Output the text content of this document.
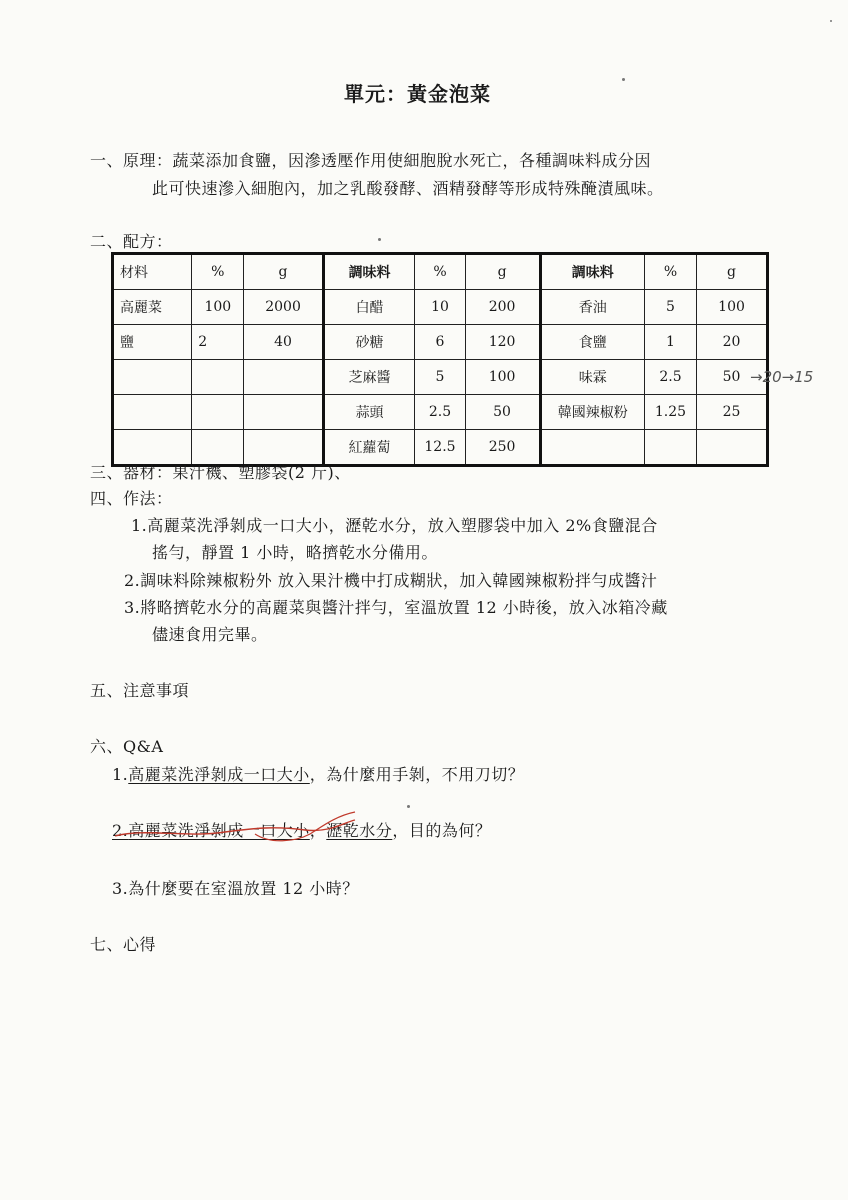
單元：黃金泡菜
一、原理：蔬菜添加食鹽，因滲透壓作用使細胞脫水死亡，各種調味料成分因
此可快速滲入細胞內，加之乳酸發酵、酒精發酵等形成特殊醃漬風味。
二、配方：
材料	%	g	調味料	%	g	調味料	%	g
高麗菜	100	2000	白醋	10	200	香油	5	100
鹽	2	40	砂糖	6	120	食鹽	1	20
			芝麻醬	5	100	味霖	2.5	50
			蒜頭	2.5	50	韓國辣椒粉	1.25	25
			紅蘿蔔	12.5	250			
→20→15
三、器材：果汁機、塑膠袋(2 斤)、
四、作法：
1.高麗菜洗淨剝成一口大小，瀝乾水分，放入塑膠袋中加入 2%食鹽混合
搖勻，靜置 1 小時，略擠乾水分備用。
2.調味料除辣椒粉外 放入果汁機中打成糊狀，加入韓國辣椒粉拌勻成醬汁
3.將略擠乾水分的高麗菜與醬汁拌勻，室溫放置 12 小時後，放入冰箱冷藏
儘速食用完畢。
五、注意事項
六、Q&A
1.高麗菜洗淨剝成一口大小，為什麼用手剝，不用刀切？
2.高麗菜洗淨剝成一口大小，瀝乾水分，目的為何？
3.為什麼要在室溫放置 12 小時？
七、心得
